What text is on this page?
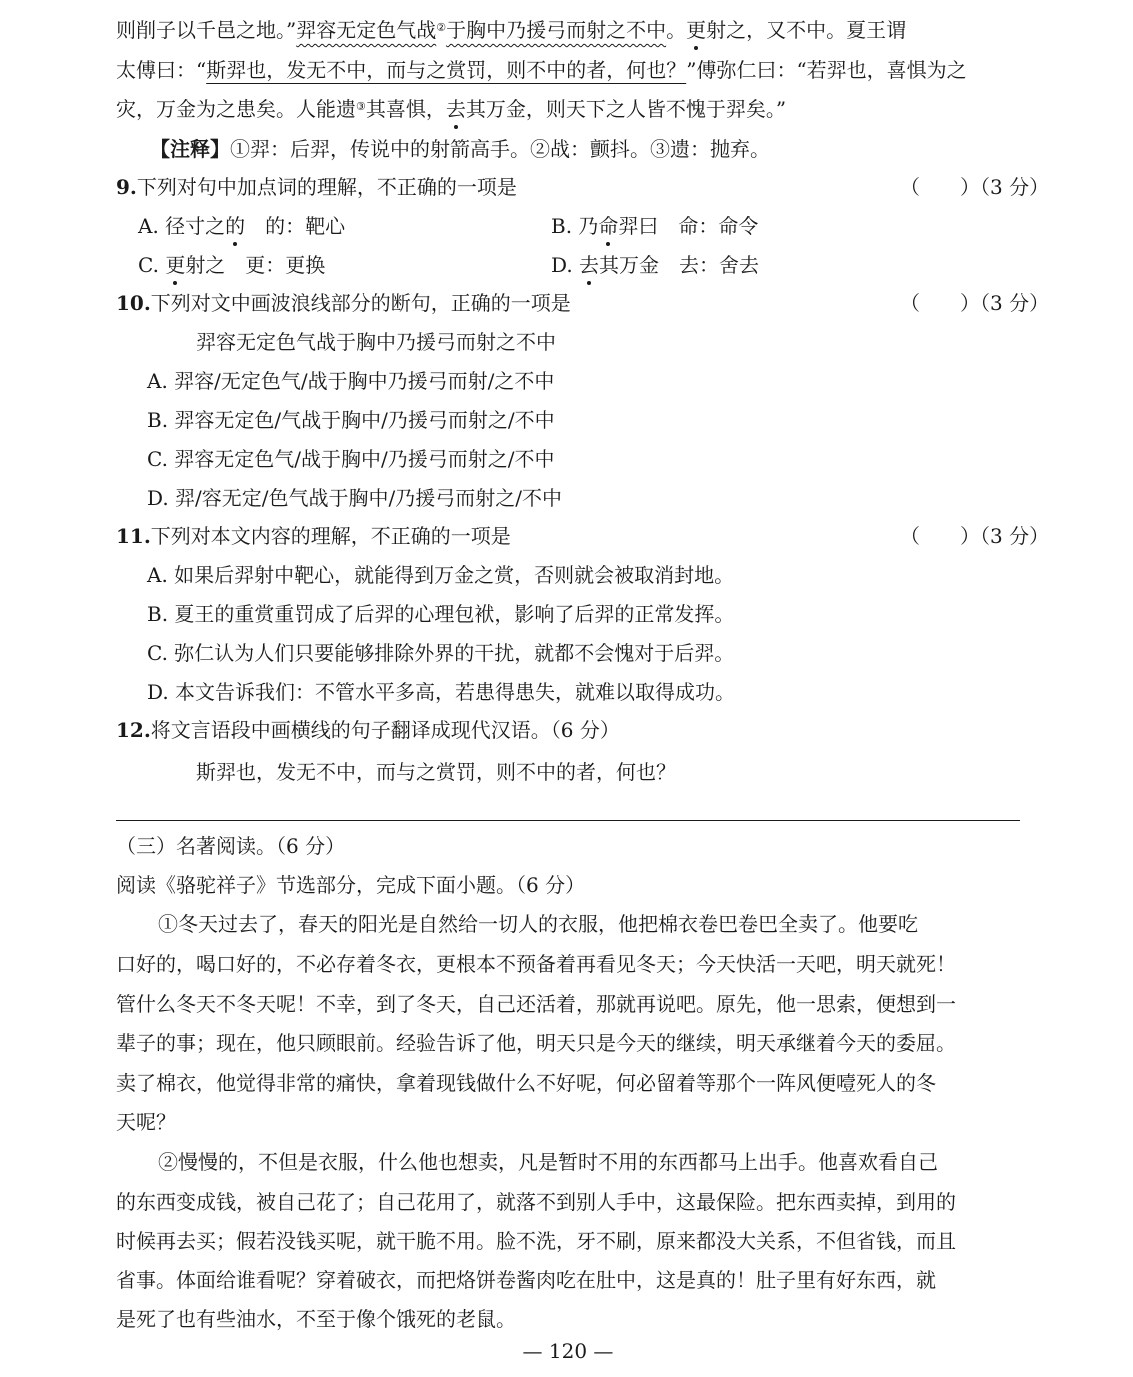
则削子以千邑之地。”羿容无定色气战②于胸中乃援弓而射之不中。更射之，又不中。夏王谓
太傅曰：“斯羿也，发无不中，而与之赏罚，则不中的者，何也？”傅弥仁曰：“若羿也，喜惧为之
灾，万金为之患矣。人能遗③其喜惧，去其万金，则天下之人皆不愧于羿矣。”
【注释】①羿：后羿，传说中的射箭高手。②战：颤抖。③遗：抛弃。
9.下列对句中加点词的理解，不正确的一项是	（　　）（3 分）
A. 径寸之的　的：靶心	B. 乃命羿曰　命：命令
C. 更射之　更：更换	D. 去其万金　去：舍去
10.下列对文中画波浪线部分的断句，正确的一项是	（　　）（3 分）
羿容无定色气战于胸中乃援弓而射之不中
A. 羿容/无定色气/战于胸中乃援弓而射/之不中
B. 羿容无定色/气战于胸中/乃援弓而射之/不中
C. 羿容无定色气/战于胸中/乃援弓而射之/不中
D. 羿/容无定/色气战于胸中/乃援弓而射之/不中
11.下列对本文内容的理解，不正确的一项是	（　　）（3 分）
A. 如果后羿射中靶心，就能得到万金之赏，否则就会被取消封地。
B. 夏王的重赏重罚成了后羿的心理包袱，影响了后羿的正常发挥。
C. 弥仁认为人们只要能够排除外界的干扰，就都不会愧对于后羿。
D. 本文告诉我们：不管水平多高，若患得患失，就难以取得成功。
12.将文言语段中画横线的句子翻译成现代汉语。（6 分）
斯羿也，发无不中，而与之赏罚，则不中的者，何也？
（三）名著阅读。（6 分）
阅读《骆驼祥子》节选部分，完成下面小题。（6 分）
①冬天过去了，春天的阳光是自然给一切人的衣服，他把棉衣卷巴卷巴全卖了。他要吃
口好的，喝口好的，不必存着冬衣，更根本不预备着再看见冬天；今天快活一天吧，明天就死！
管什么冬天不冬天呢！不幸，到了冬天，自己还活着，那就再说吧。原先，他一思索，便想到一
辈子的事；现在，他只顾眼前。经验告诉了他，明天只是今天的继续，明天承继着今天的委屈。
卖了棉衣，他觉得非常的痛快，拿着现钱做什么不好呢，何必留着等那个一阵风便噎死人的冬
天呢？
②慢慢的，不但是衣服，什么他也想卖，凡是暂时不用的东西都马上出手。他喜欢看自己
的东西变成钱，被自己花了；自己花用了，就落不到别人手中，这最保险。把东西卖掉，到用的
时候再去买；假若没钱买呢，就干脆不用。脸不洗，牙不刷，原来都没大关系，不但省钱，而且
省事。体面给谁看呢？穿着破衣，而把烙饼卷酱肉吃在肚中，这是真的！肚子里有好东西，就
是死了也有些油水，不至于像个饿死的老鼠。
— 120 —
